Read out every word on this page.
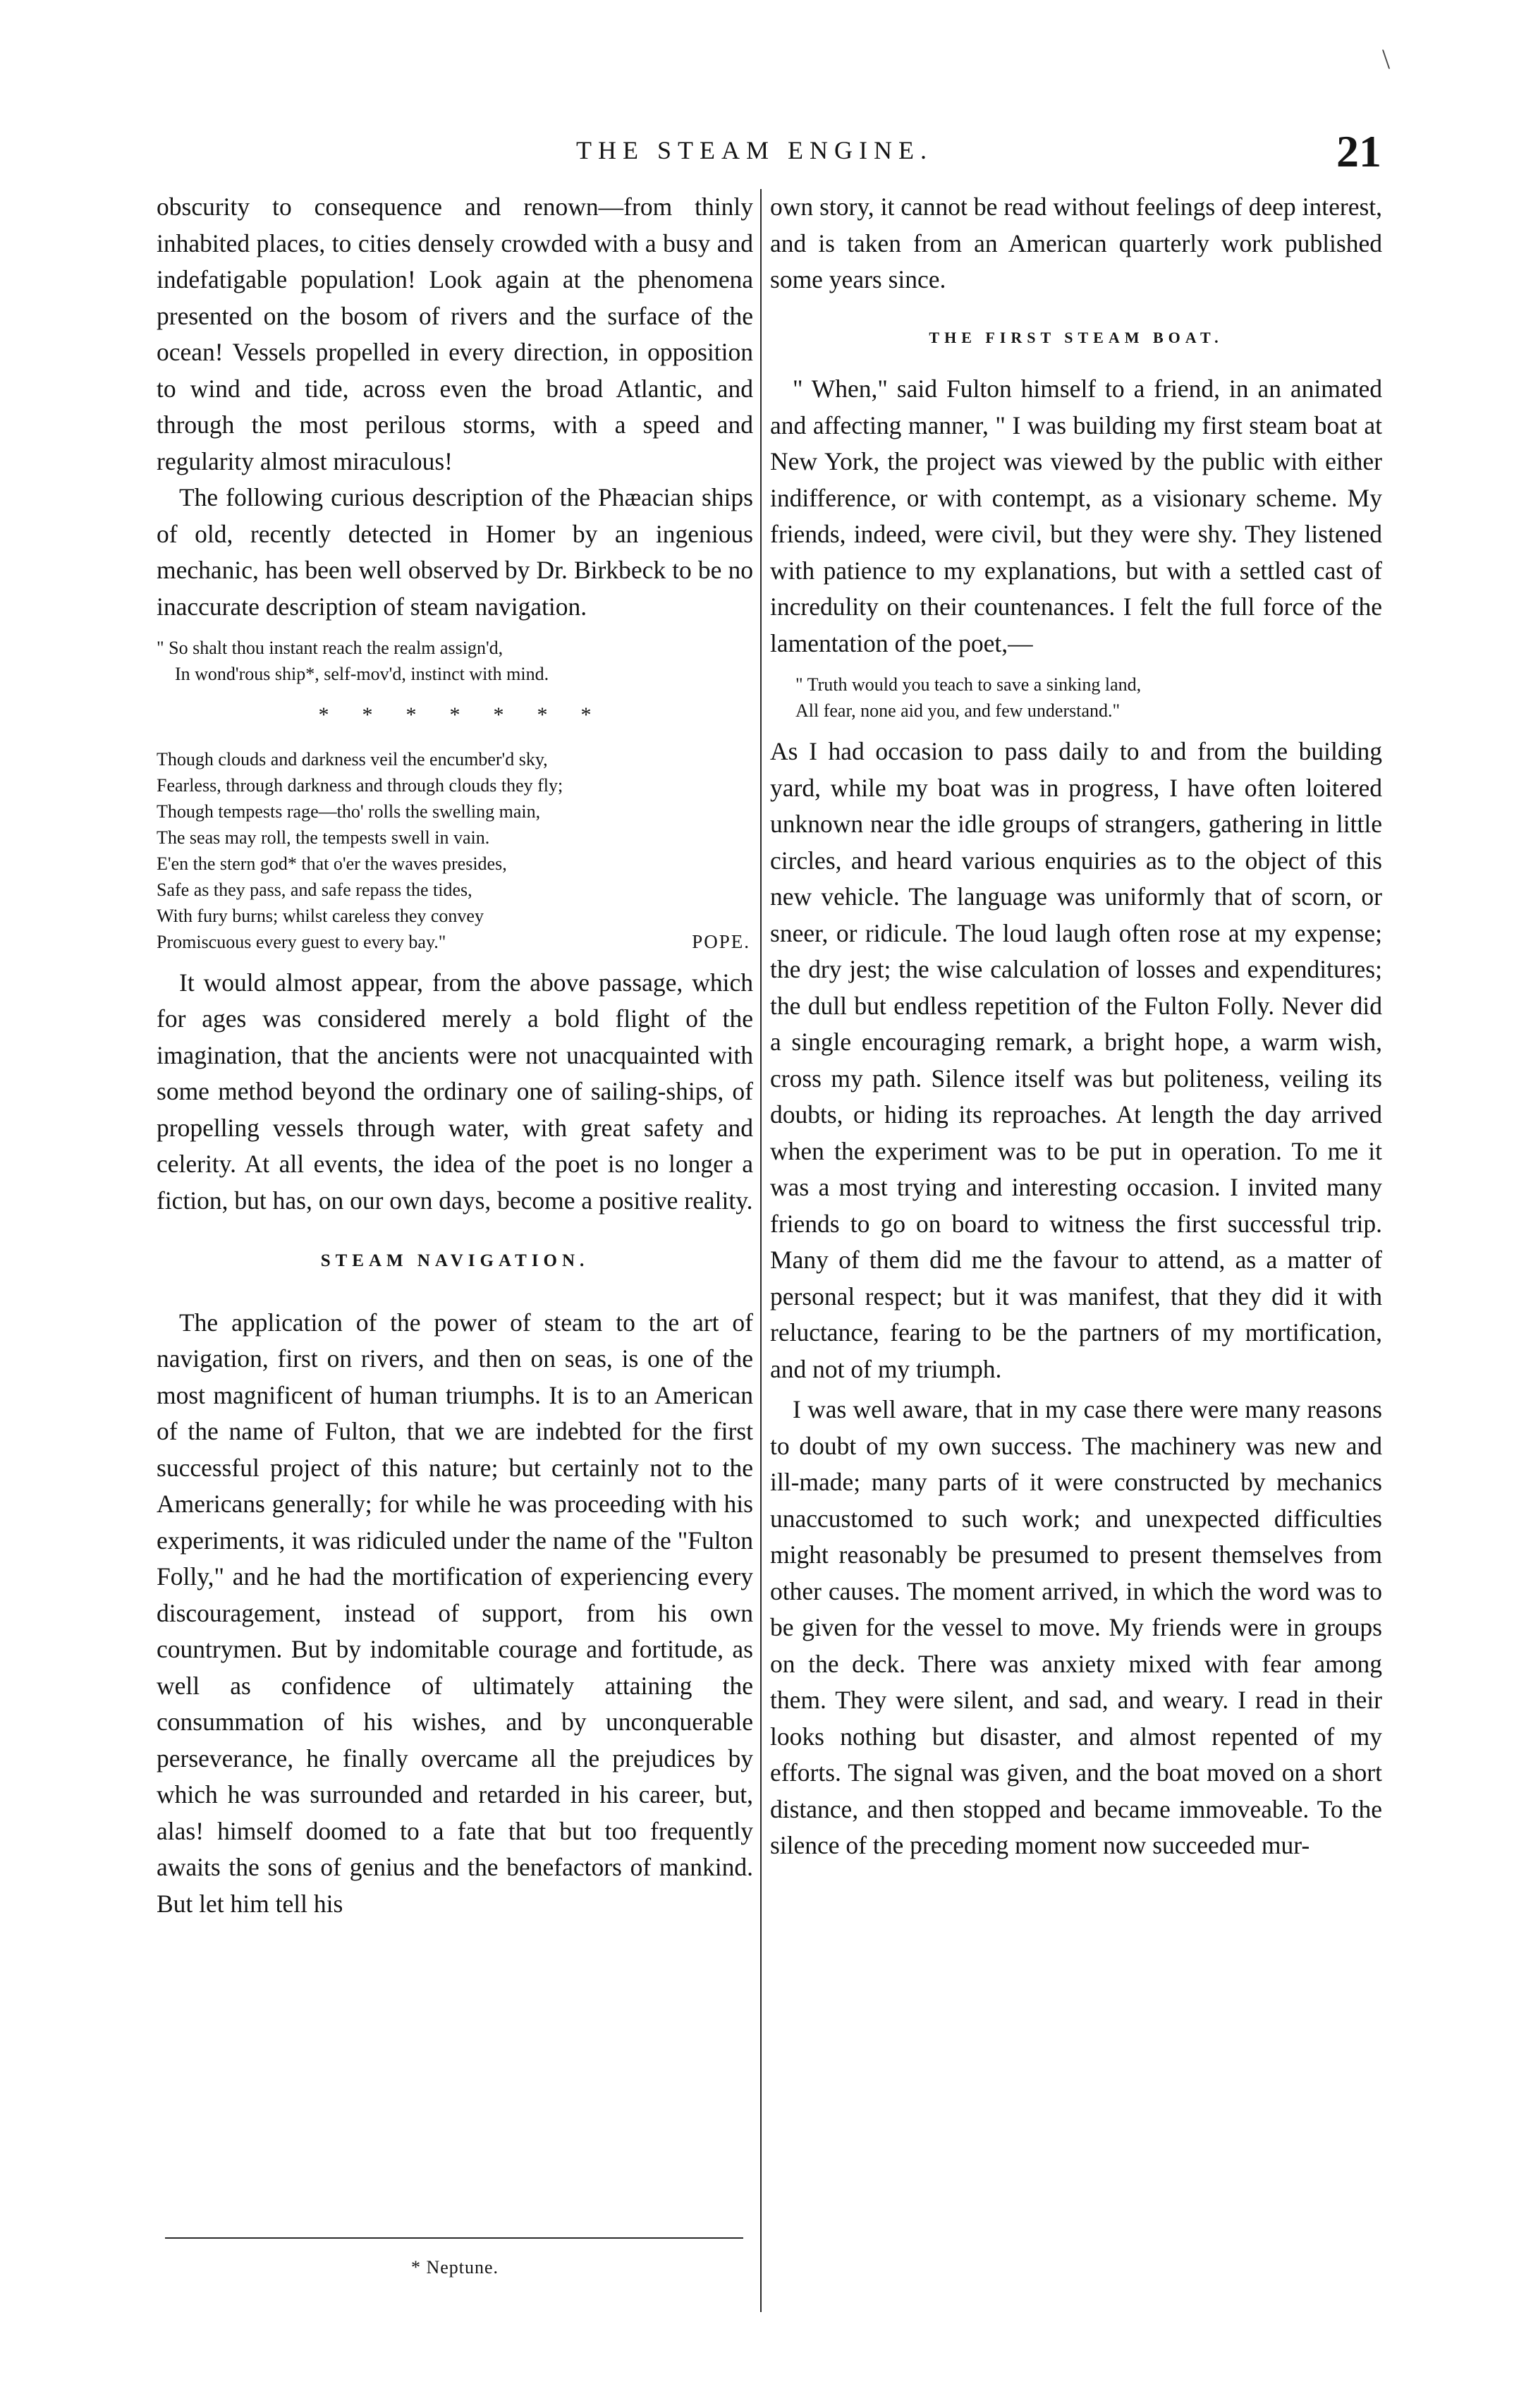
\
THE STEAM ENGINE.	21

obscurity to consequence and renown—from thinly inhabited places, to cities densely crowded with a busy and indefatigable population! Look again at the phenomena presented on the bosom of rivers and the surface of the ocean! Vessels propelled in every direction, in opposition to wind and tide, across even the broad Atlantic, and through the most perilous storms, with a speed and regularity almost miraculous!

The following curious description of the Phæacian ships of old, recently detected in Homer by an ingenious mechanic, has been well observed by Dr. Birkbeck to be no inaccurate description of steam navigation.

" So shalt thou instant reach the realm assign'd,
In wond'rous ship*, self-mov'd, instinct with mind.
* * * * * * *
Though clouds and darkness veil the encumber'd sky,
Fearless, through darkness and through clouds they fly;
Though tempests rage—tho' rolls the swelling main,
The seas may roll, the tempests swell in vain.
E'en the stern god* that o'er the waves presides,
Safe as they pass, and safe repass the tides,
With fury burns; whilst careless they convey
Promiscuous every guest to every bay."	POPE.

It would almost appear, from the above passage, which for ages was considered merely a bold flight of the imagination, that the ancients were not unacquainted with some method beyond the ordinary one of sailing-ships, of propelling vessels through water, with great safety and celerity. At all events, the idea of the poet is no longer a fiction, but has, on our own days, become a positive reality.

STEAM NAVIGATION.

The application of the power of steam to the art of navigation, first on rivers, and then on seas, is one of the most magnificent of human triumphs. It is to an American of the name of Fulton, that we are indebted for the first successful project of this nature; but certainly not to the Americans generally; for while he was proceeding with his experiments, it was ridiculed under the name of the "Fulton Folly," and he had the mortification of experiencing every discouragement, instead of support, from his own countrymen. But by indomitable courage and fortitude, as well as confidence of ultimately attaining the consummation of his wishes, and by unconquerable perseverance, he finally overcame all the prejudices by which he was surrounded and retarded in his career, but, alas! himself doomed to a fate that but too frequently awaits the sons of genius and the benefactors of mankind. But let him tell his

* Neptune.

own story, it cannot be read without feelings of deep interest, and is taken from an American quarterly work published some years since.

THE FIRST STEAM BOAT.

" When," said Fulton himself to a friend, in an animated and affecting manner, " I was building my first steam boat at New York, the project was viewed by the public with either indifference, or with contempt, as a visionary scheme. My friends, indeed, were civil, but they were shy. They listened with patience to my explanations, but with a settled cast of incredulity on their countenances. I felt the full force of the lamentation of the poet,—

" Truth would you teach to save a sinking land,
All fear, none aid you, and few understand."

As I had occasion to pass daily to and from the building yard, while my boat was in progress, I have often loitered unknown near the idle groups of strangers, gathering in little circles, and heard various enquiries as to the object of this new vehicle. The language was uniformly that of scorn, or sneer, or ridicule. The loud laugh often rose at my expense; the dry jest; the wise calculation of losses and expenditures; the dull but endless repetition of the Fulton Folly. Never did a single encouraging remark, a bright hope, a warm wish, cross my path. Silence itself was but politeness, veiling its doubts, or hiding its reproaches. At length the day arrived when the experiment was to be put in operation. To me it was a most trying and interesting occasion. I invited many friends to go on board to witness the first successful trip. Many of them did me the favour to attend, as a matter of personal respect; but it was manifest, that they did it with reluctance, fearing to be the partners of my mortification, and not of my triumph.

I was well aware, that in my case there were many reasons to doubt of my own success. The machinery was new and ill-made; many parts of it were constructed by mechanics unaccustomed to such work; and unexpected difficulties might reasonably be presumed to present themselves from other causes. The moment arrived, in which the word was to be given for the vessel to move. My friends were in groups on the deck. There was anxiety mixed with fear among them. They were silent, and sad, and weary. I read in their looks nothing but disaster, and almost repented of my efforts. The signal was given, and the boat moved on a short distance, and then stopped and became immoveable. To the silence of the preceding moment now succeeded mur-
